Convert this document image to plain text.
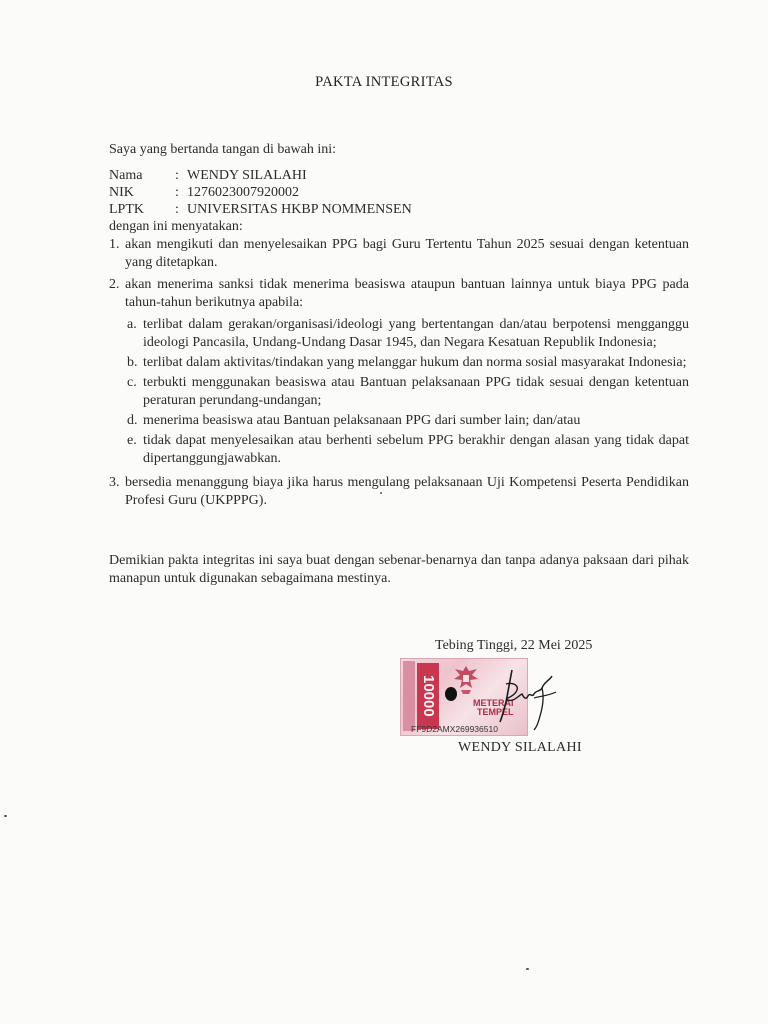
PAKTA INTEGRITAS
Saya yang bertanda tangan di bawah ini:
Nama	: WENDY SILALAHI
NIK	: 1276023007920002
LPTK	: UNIVERSITAS HKBP NOMMENSEN
dengan ini menyatakan:
1. akan mengikuti dan menyelesaikan PPG bagi Guru Tertentu Tahun 2025 sesuai dengan ketentuan yang ditetapkan.
2. akan menerima sanksi tidak menerima beasiswa ataupun bantuan lainnya untuk biaya PPG pada tahun-tahun berikutnya apabila:
a. terlibat dalam gerakan/organisasi/ideologi yang bertentangan dan/atau berpotensi mengganggu ideologi Pancasila, Undang-Undang Dasar 1945, dan Negara Kesatuan Republik Indonesia;
b. terlibat dalam aktivitas/tindakan yang melanggar hukum dan norma sosial masyarakat Indonesia;
c. terbukti menggunakan beasiswa atau Bantuan pelaksanaan PPG tidak sesuai dengan ketentuan peraturan perundang-undangan;
d. menerima beasiswa atau Bantuan pelaksanaan PPG dari sumber lain; dan/atau
e. tidak dapat menyelesaikan atau berhenti sebelum PPG berakhir dengan alasan yang tidak dapat dipertanggungjawabkan.
3. bersedia menanggung biaya jika harus mengulang pelaksanaan Uji Kompetensi Peserta Pendidikan Profesi Guru (UKPPPG).
Demikian pakta integritas ini saya buat dengan sebenar-benarnya dan tanpa adanya paksaan dari pihak manapun untuk digunakan sebagaimana mestinya.
Tebing Tinggi, 22 Mei 2025
10000	METERAI
TEMPEL
FF9D2AMX269936510
WENDY SILALAHI
